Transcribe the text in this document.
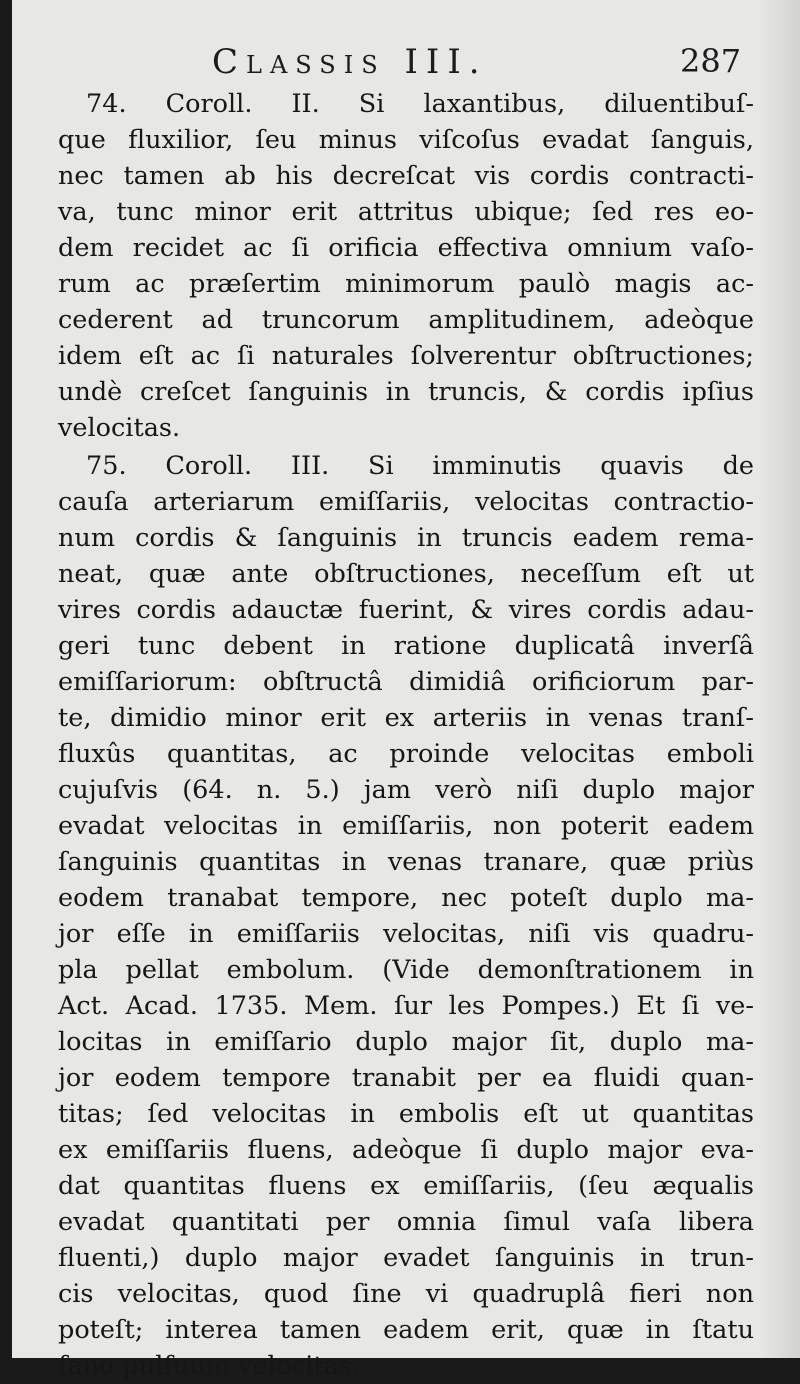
Classis III.	287
74. Coroll. II. Si laxantibus, diluentibuſ-
que fluxilior, ſeu minus viſcoſus evadat ſanguis,
nec tamen ab his decreſcat vis cordis contracti-
va, tunc minor erit attritus ubique; ſed res eo-
dem recidet ac ſi orificia effectiva omnium vaſo-
rum ac præſertim minimorum paulò magis ac-
cederent ad truncorum amplitudinem, adeòque
idem eſt ac ſi naturales ſolverentur obſtructiones;
undè creſcet ſanguinis in truncis, & cordis ipſius
velocitas.
75. Coroll. III. Si imminutis quavis de
cauſa arteriarum emiſſariis, velocitas contractio-
num cordis & ſanguinis in truncis eadem rema-
neat, quæ ante obſtructiones, neceſſum eſt ut
vires cordis adauctæ fuerint, & vires cordis adau-
geri tunc debent in ratione duplicatâ inverſâ
emiſſariorum: obſtructâ dimidiâ orificiorum par-
te, dimidio minor erit ex arteriis in venas tranſ-
fluxûs quantitas, ac proinde velocitas emboli
cujuſvis (64. n. 5.) jam verò niſi duplo major
evadat velocitas in emiſſariis, non poterit eadem
ſanguinis quantitas in venas tranare, quæ priùs
eodem tranabat tempore, nec poteſt duplo ma-
jor eſſe in emiſſariis velocitas, niſi vis quadru-
pla pellat embolum. (Vide demonſtrationem in
Act. Acad. 1735. Mem. ſur les Pompes.) Et ſi ve-
locitas in emiſſario duplo major ſit, duplo ma-
jor eodem tempore tranabit per ea fluidi quan-
titas; ſed velocitas in embolis eſt ut quantitas
ex emiſſariis fluens, adeòque ſi duplo major eva-
dat quantitas fluens ex emiſſariis, (ſeu æqualis
evadat quantitati per omnia ſimul vaſa libera
fluenti,) duplo major evadet ſanguinis in trun-
cis velocitas, quod ſine vi quadruplâ fieri non
poteſt; interea tamen eadem erit, quæ in ſtatu
ſano pulſuum velocitas.
